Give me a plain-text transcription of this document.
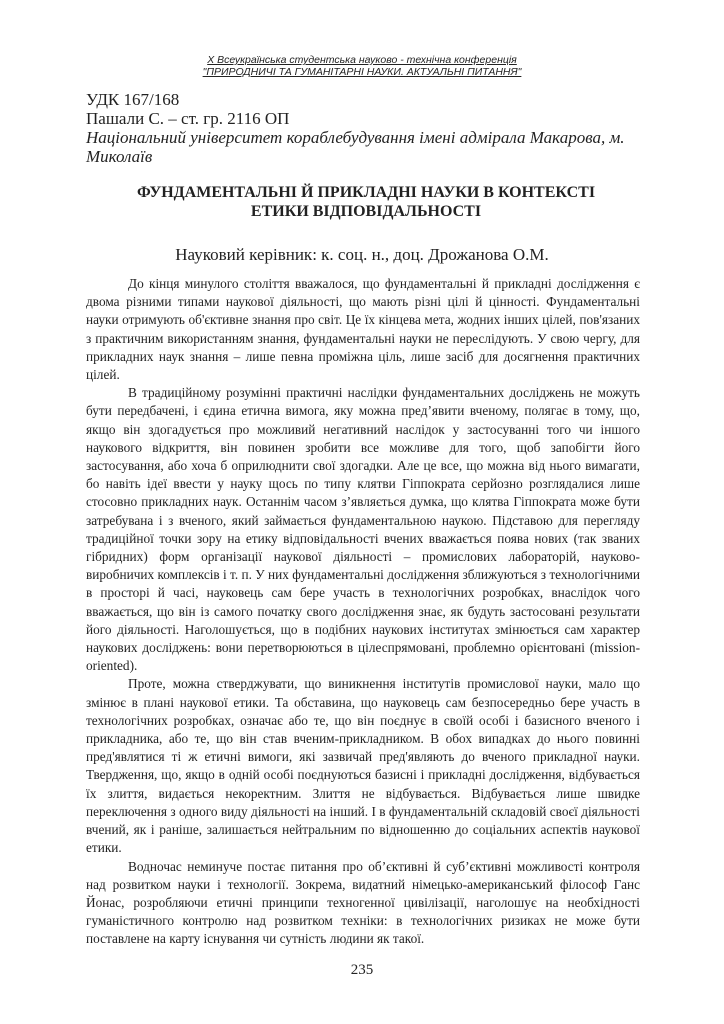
X Всеукраїнська студентська науково - технічна конференція
"ПРИРОДНИЧІ ТА ГУМАНІТАРНІ НАУКИ. АКТУАЛЬНІ ПИТАННЯ"
УДК 167/168
Пашали С. – ст. гр. 2116 ОП
Національний університет кораблебудування імені адмірала Макарова, м. Миколаїв
ФУНДАМЕНТАЛЬНІ Й ПРИКЛАДНІ НАУКИ В КОНТЕКСТІ
ЕТИКИ ВІДПОВІДАЛЬНОСТІ
Науковий керівник: к. соц. н., доц. Дрожанова О.М.

До кінця минулого століття вважалося, що фундаментальні й прикладні дослідження є двома різними типами наукової діяльності, що мають різні цілі й цінності. Фундаментальні науки отримують об'єктивне знання про світ. Це їх кінцева мета, жодних інших цілей, пов'язаних з практичним використанням знання, фундаментальні науки не переслідують. У свою чергу, для прикладних наук знання – лише певна проміжна ціль, лише засіб для досягнення практичних цілей.

В традиційному розумінні практичні наслідки фундаментальних досліджень не можуть бути передбачені, і єдина етична вимога, яку можна пред’явити вченому, полягає в тому, що, якщо він здогадується про можливий негативний наслідок у застосуванні того чи іншого наукового відкриття, він повинен зробити все можливе для того, щоб запобігти його застосування, або хоча б оприлюднити свої здогадки. Але це все, що можна від нього вимагати, бо навіть ідеї ввести у науку щось по типу клятви Гіппократа серйозно розглядалися лише стосовно прикладних наук. Останнім часом з’являється думка, що клятва Гіппократа може бути затребувана і з вченого, який займається фундаментальною наукою. Підставою для перегляду традиційної точки зору на етику відповідальності вчених вважається поява нових (так званих гібридних) форм організації наукової діяльності – промислових лабораторій, науково-виробничих комплексів і т. п. У них фундаментальні дослідження зближуються з технологічними в просторі й часі, науковець сам бере участь в технологічних розробках, внаслідок чого вважається, що він із самого початку свого дослідження знає, як будуть застосовані результати його діяльності. Наголошується, що в подібних наукових інститутах змінюється сам характер наукових досліджень: вони перетворюються в цілеспрямовані, проблемно орієнтовані (mission-oriented).

Проте, можна стверджувати, що виникнення інститутів промислової науки, мало що змінює в плані наукової етики. Та обставина, що науковець сам безпосередньо бере участь в технологічних розробках, означає або те, що він поєднує в своїй особі і базисного вченого і прикладника, або те, що він став вченим-прикладником. В обох випадках до нього повинні пред'являтися ті ж етичні вимоги, які зазвичай пред'являють до вченого прикладної науки. Твердження, що, якщо в одній особі поєднуються базисні і прикладні дослідження, відбувається їх злиття, видається некоректним. Злиття не відбувається. Відбувається лише швидке переключення з одного виду діяльності на інший. І в фундаментальній складовій своєї діяльності вчений, як і раніше, залишається нейтральним по відношенню до соціальних аспектів наукової етики.

Водночас неминуче постає питання про об’єктивні й суб’єктивні можливості контроля над розвитком науки і технології. Зокрема, видатний німецько-американський філософ Ганс Йонас, розробляючи етичні принципи техногенної цивілізації, наголошує на необхідності гуманістичного контролю над розвитком техніки: в технологічних ризиках не може бути поставлене на карту існування чи сутність людини як такої.

235
